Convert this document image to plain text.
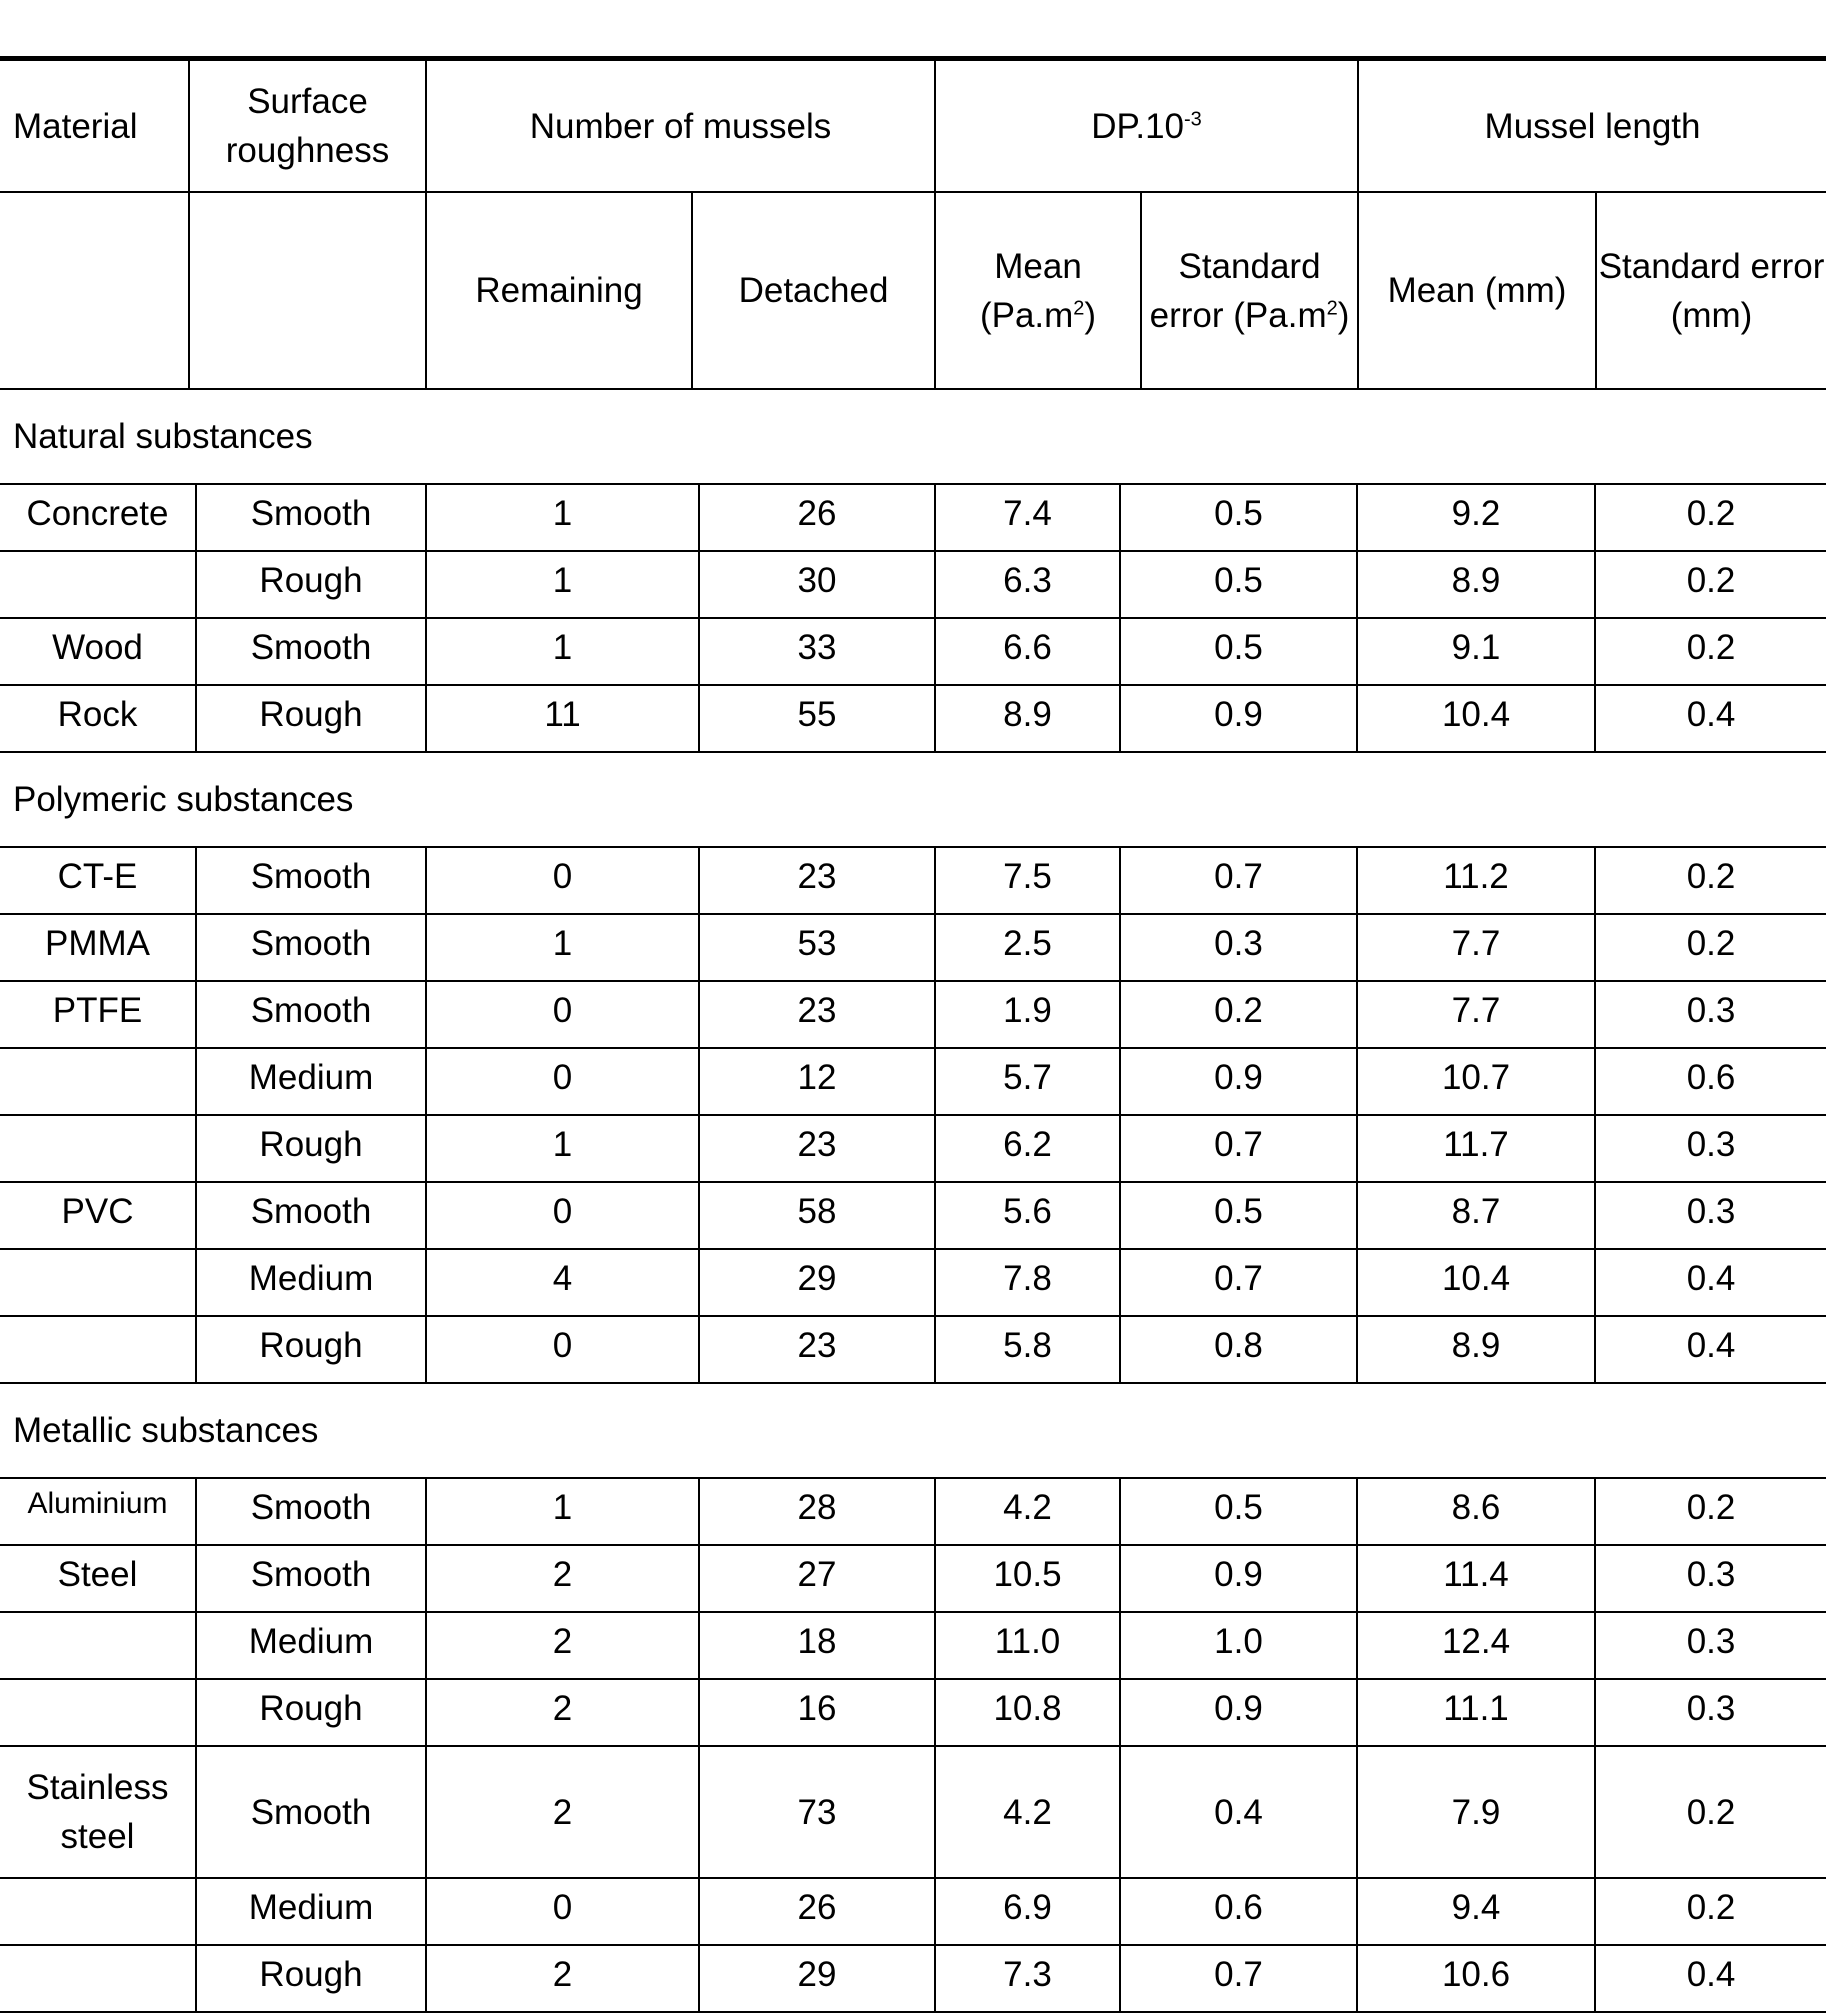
Material	Surface roughness	Number of mussels		$DP.10^{-3}$		Mussel length	
		Remaining	Detached	Mean $(Pa.m^2)$	Standard error $(Pa.m^2)$	Mean (mm)	Standard error (mm)
Natural substances							
Concrete	Smooth	1	26	7.4	0.5	9.2	0.2
	Rough	1	30	6.3	0.5	8.9	0.2
Wood	Smooth	1	33	6.6	0.5	9.1	0.2
Rock	Rough	11	55	8.9	0.9	10.4	0.4
Polymeric substances							
CT-E	Smooth	0	23	7.5	0.7	11.2	0.2
PMMA	Smooth	1	53	2.5	0.3	7.7	0.2
PTFE	Smooth	0	23	1.9	0.2	7.7	0.3
	Medium	0	12	5.7	0.9	10.7	0.6
	Rough	1	23	6.2	0.7	11.7	0.3
PVC	Smooth	0	58	5.6	0.5	8.7	0.3
	Medium	4	29	7.8	0.7	10.4	0.4
	Rough	0	23	5.8	0.8	8.9	0.4
Metallic substances							
Aluminium	Smooth	1	28	4.2	0.5	8.6	0.2
Steel	Smooth	2	27	10.5	0.9	11.4	0.3
	Medium	2	18	11.0	1.0	12.4	0.3
	Rough	2	16	10.8	0.9	11.1	0.3
Stainless steel	Smooth	2	73	4.2	0.4	7.9	0.2
	Medium	0	26	6.9	0.6	9.4	0.2
	Rough	2	29	7.3	0.7	10.6	0.4
